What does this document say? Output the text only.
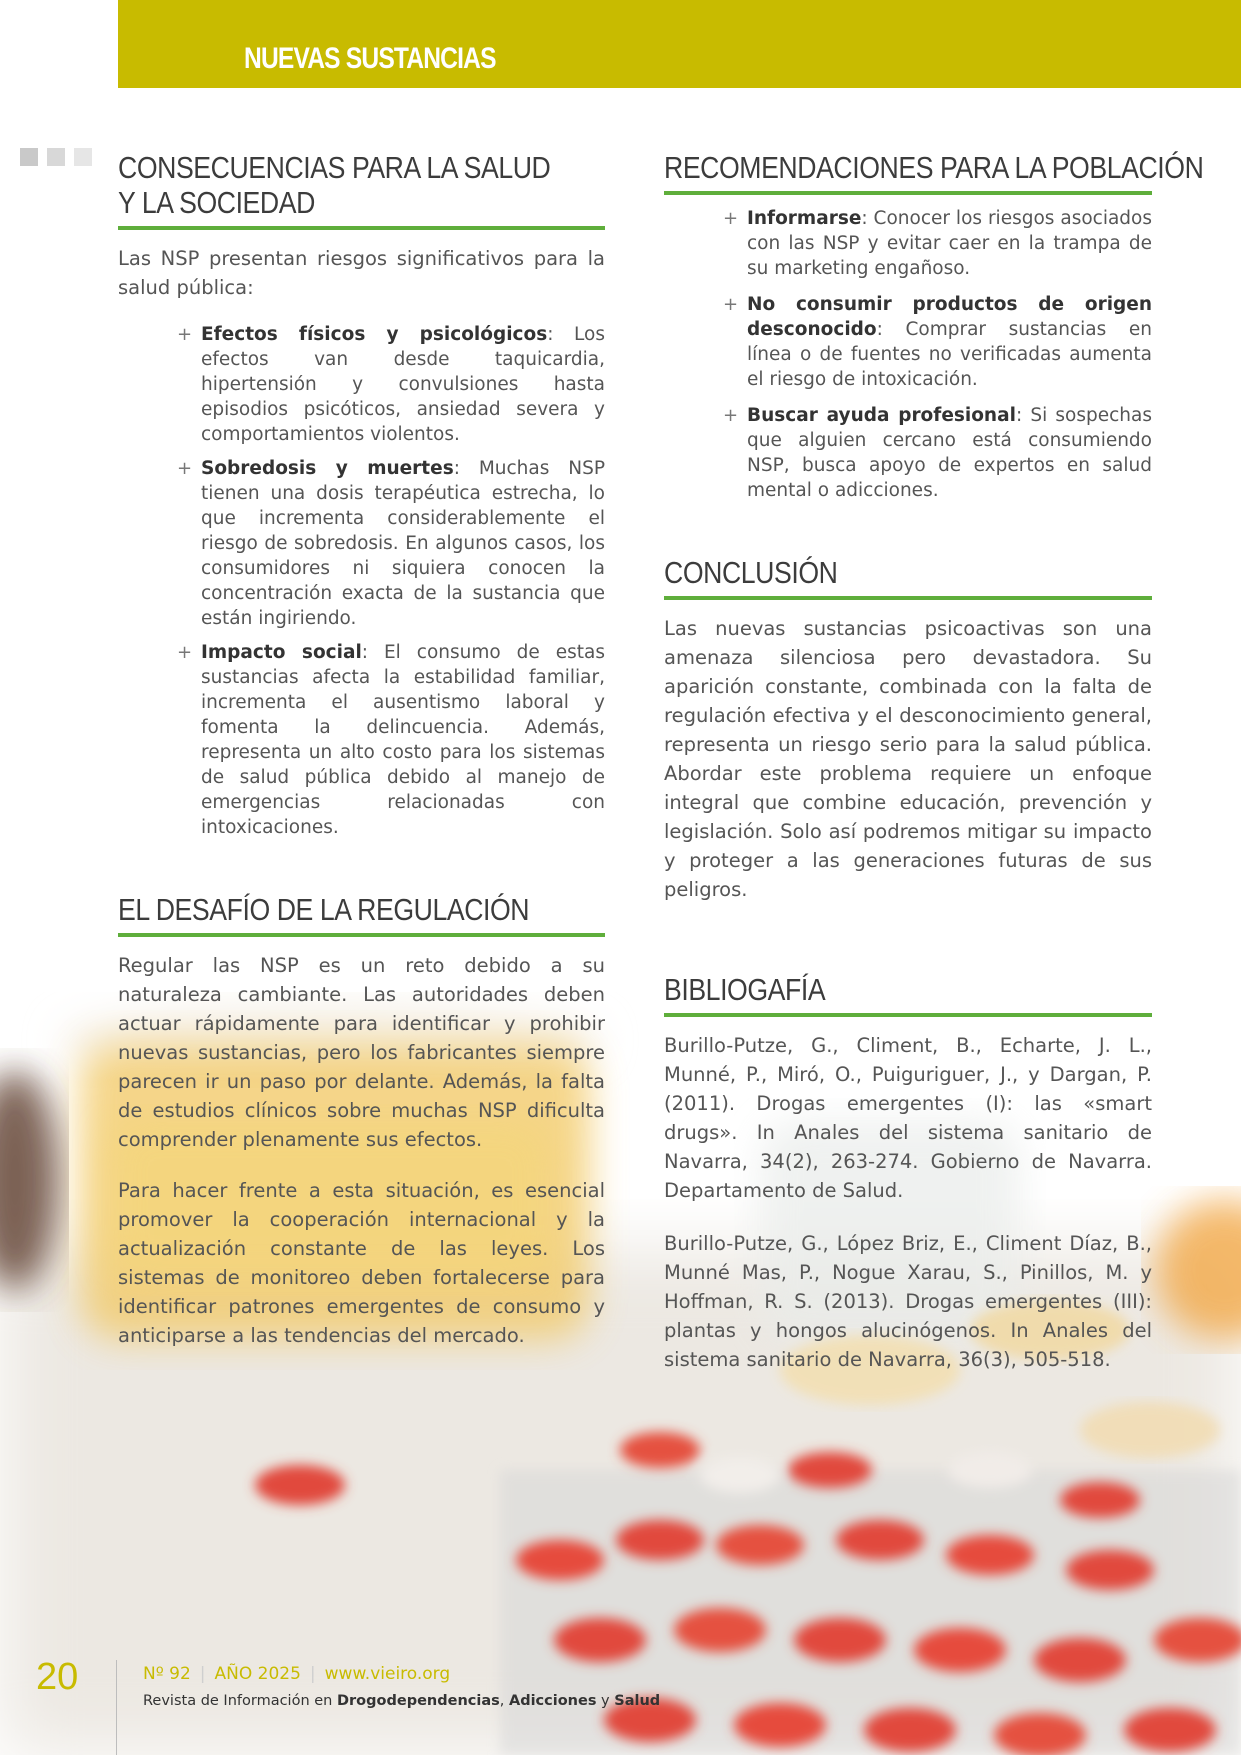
NUEVAS SUSTANCIAS
CONSECUENCIAS PARA LA SALUD
Y LA SOCIEDAD

Las NSP presentan riesgos significativos para la salud pública:

+ Efectos físicos y psicológicos: Los efectos van desde taquicardia, hipertensión y convulsiones hasta episodios psicóticos, ansiedad severa y comportamientos violentos.
+ Sobredosis y muertes: Muchas NSP tienen una dosis terapéutica estrecha, lo que incrementa considerablemente el riesgo de sobredosis. En algunos casos, los consumidores ni siquiera conocen la concentración exacta de la sustancia que están ingiriendo.
+ Impacto social: El consumo de estas sustancias afecta la estabilidad familiar, incrementa el ausentismo laboral y fomenta la delincuencia. Además, representa un alto costo para los sistemas de salud pública debido al manejo de emergencias relacionadas con intoxicaciones.
EL DESAFÍO DE LA REGULACIÓN

Regular las NSP es un reto debido a su naturaleza cambiante. Las autoridades deben actuar rápidamente para identificar y prohibir nuevas sustancias, pero los fabricantes siempre parecen ir un paso por delante. Además, la falta de estudios clínicos sobre muchas NSP dificulta comprender plenamente sus efectos.

Para hacer frente a esta situación, es esencial promover la cooperación internacional y la actualización constante de las leyes. Los sistemas de monitoreo deben fortalecerse para identificar patrones emergentes de consumo y anticiparse a las tendencias del mercado.

RECOMENDACIONES PARA LA POBLACIÓN
+ Informarse: Conocer los riesgos asociados con las NSP y evitar caer en la trampa de su marketing engañoso.
+ No consumir productos de origen desconocido: Comprar sustancias en línea o de fuentes no verificadas aumenta el riesgo de intoxicación.
+ Buscar ayuda profesional: Si sospechas que alguien cercano está consumiendo NSP, busca apoyo de expertos en salud mental o adicciones.
CONCLUSIÓN

Las nuevas sustancias psicoactivas son una amenaza silenciosa pero devastadora. Su aparición constante, combinada con la falta de regulación efectiva y el desconocimiento general, representa un riesgo serio para la salud pública. Abordar este problema requiere un enfoque integral que combine educación, prevención y legislación. Solo así podremos mitigar su impacto y proteger a las generaciones futuras de sus peligros.

BIBLIOGAFÍA

Burillo-Putze, G., Climent, B., Echarte, J. L., Munné, P., Miró, O., Puiguriguer, J., y Dargan, P. (2011). Drogas emergentes (I): las «smart drugs». In Anales del sistema sanitario de Navarra, 34(2), 263-274. Gobierno de Navarra. Departamento de Salud.

Burillo-Putze, G., López Briz, E., Climent Díaz, B., Munné Mas, P., Nogue Xarau, S., Pinillos, M. y Hoffman, R. S. (2013). Drogas emergentes (III): plantas y hongos alucinógenos. In Anales del sistema sanitario de Navarra, 36(3), 505-518.

20	Nº 92 | AÑO 2025 | www.vieiro.org
Revista de Información en Drogodependencias, Adicciones y Salud
